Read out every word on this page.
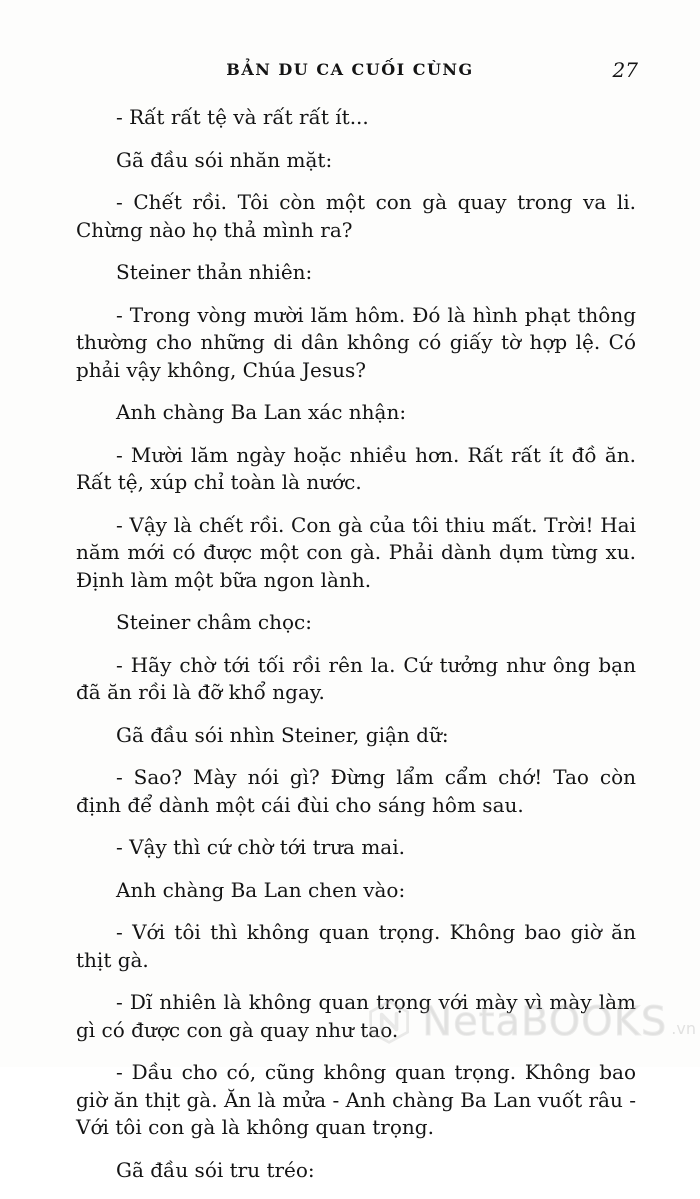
BẢN DU CA CUỐI CÙNG	27

- Rất rất tệ và rất rất ít...

Gã đầu sói nhăn mặt:

- Chết rồi. Tôi còn một con gà quay trong va li. Chừng nào họ thả mình ra?

Steiner thản nhiên:

- Trong vòng mười lăm hôm. Đó là hình phạt thông thường cho những di dân không có giấy tờ hợp lệ. Có phải vậy không, Chúa Jesus?

Anh chàng Ba Lan xác nhận:

- Mười lăm ngày hoặc nhiều hơn. Rất rất ít đồ ăn. Rất tệ, xúp chỉ toàn là nước.

- Vậy là chết rồi. Con gà của tôi thiu mất. Trời! Hai năm mới có được một con gà. Phải dành dụm từng xu. Định làm một bữa ngon lành.

Steiner châm chọc:

- Hãy chờ tới tối rồi rên la. Cứ tưởng như ông bạn đã ăn rồi là đỡ khổ ngay.

Gã đầu sói nhìn Steiner, giận dữ:

- Sao? Mày nói gì? Đừng lẩm cẩm chớ! Tao còn định để dành một cái đùi cho sáng hôm sau.

- Vậy thì cứ chờ tới trưa mai.

Anh chàng Ba Lan chen vào:

- Với tôi thì không quan trọng. Không bao giờ ăn thịt gà.

- Dĩ nhiên là không quan trọng với mày vì mày làm gì có được con gà quay như tao.

- Dầu cho có, cũng không quan trọng. Không bao giờ ăn thịt gà. Ăn là mửa - Anh chàng Ba Lan vuốt râu - Với tôi con gà là không quan trọng.

Gã đầu sói tru tréo:

NetaBOOKS .vn
